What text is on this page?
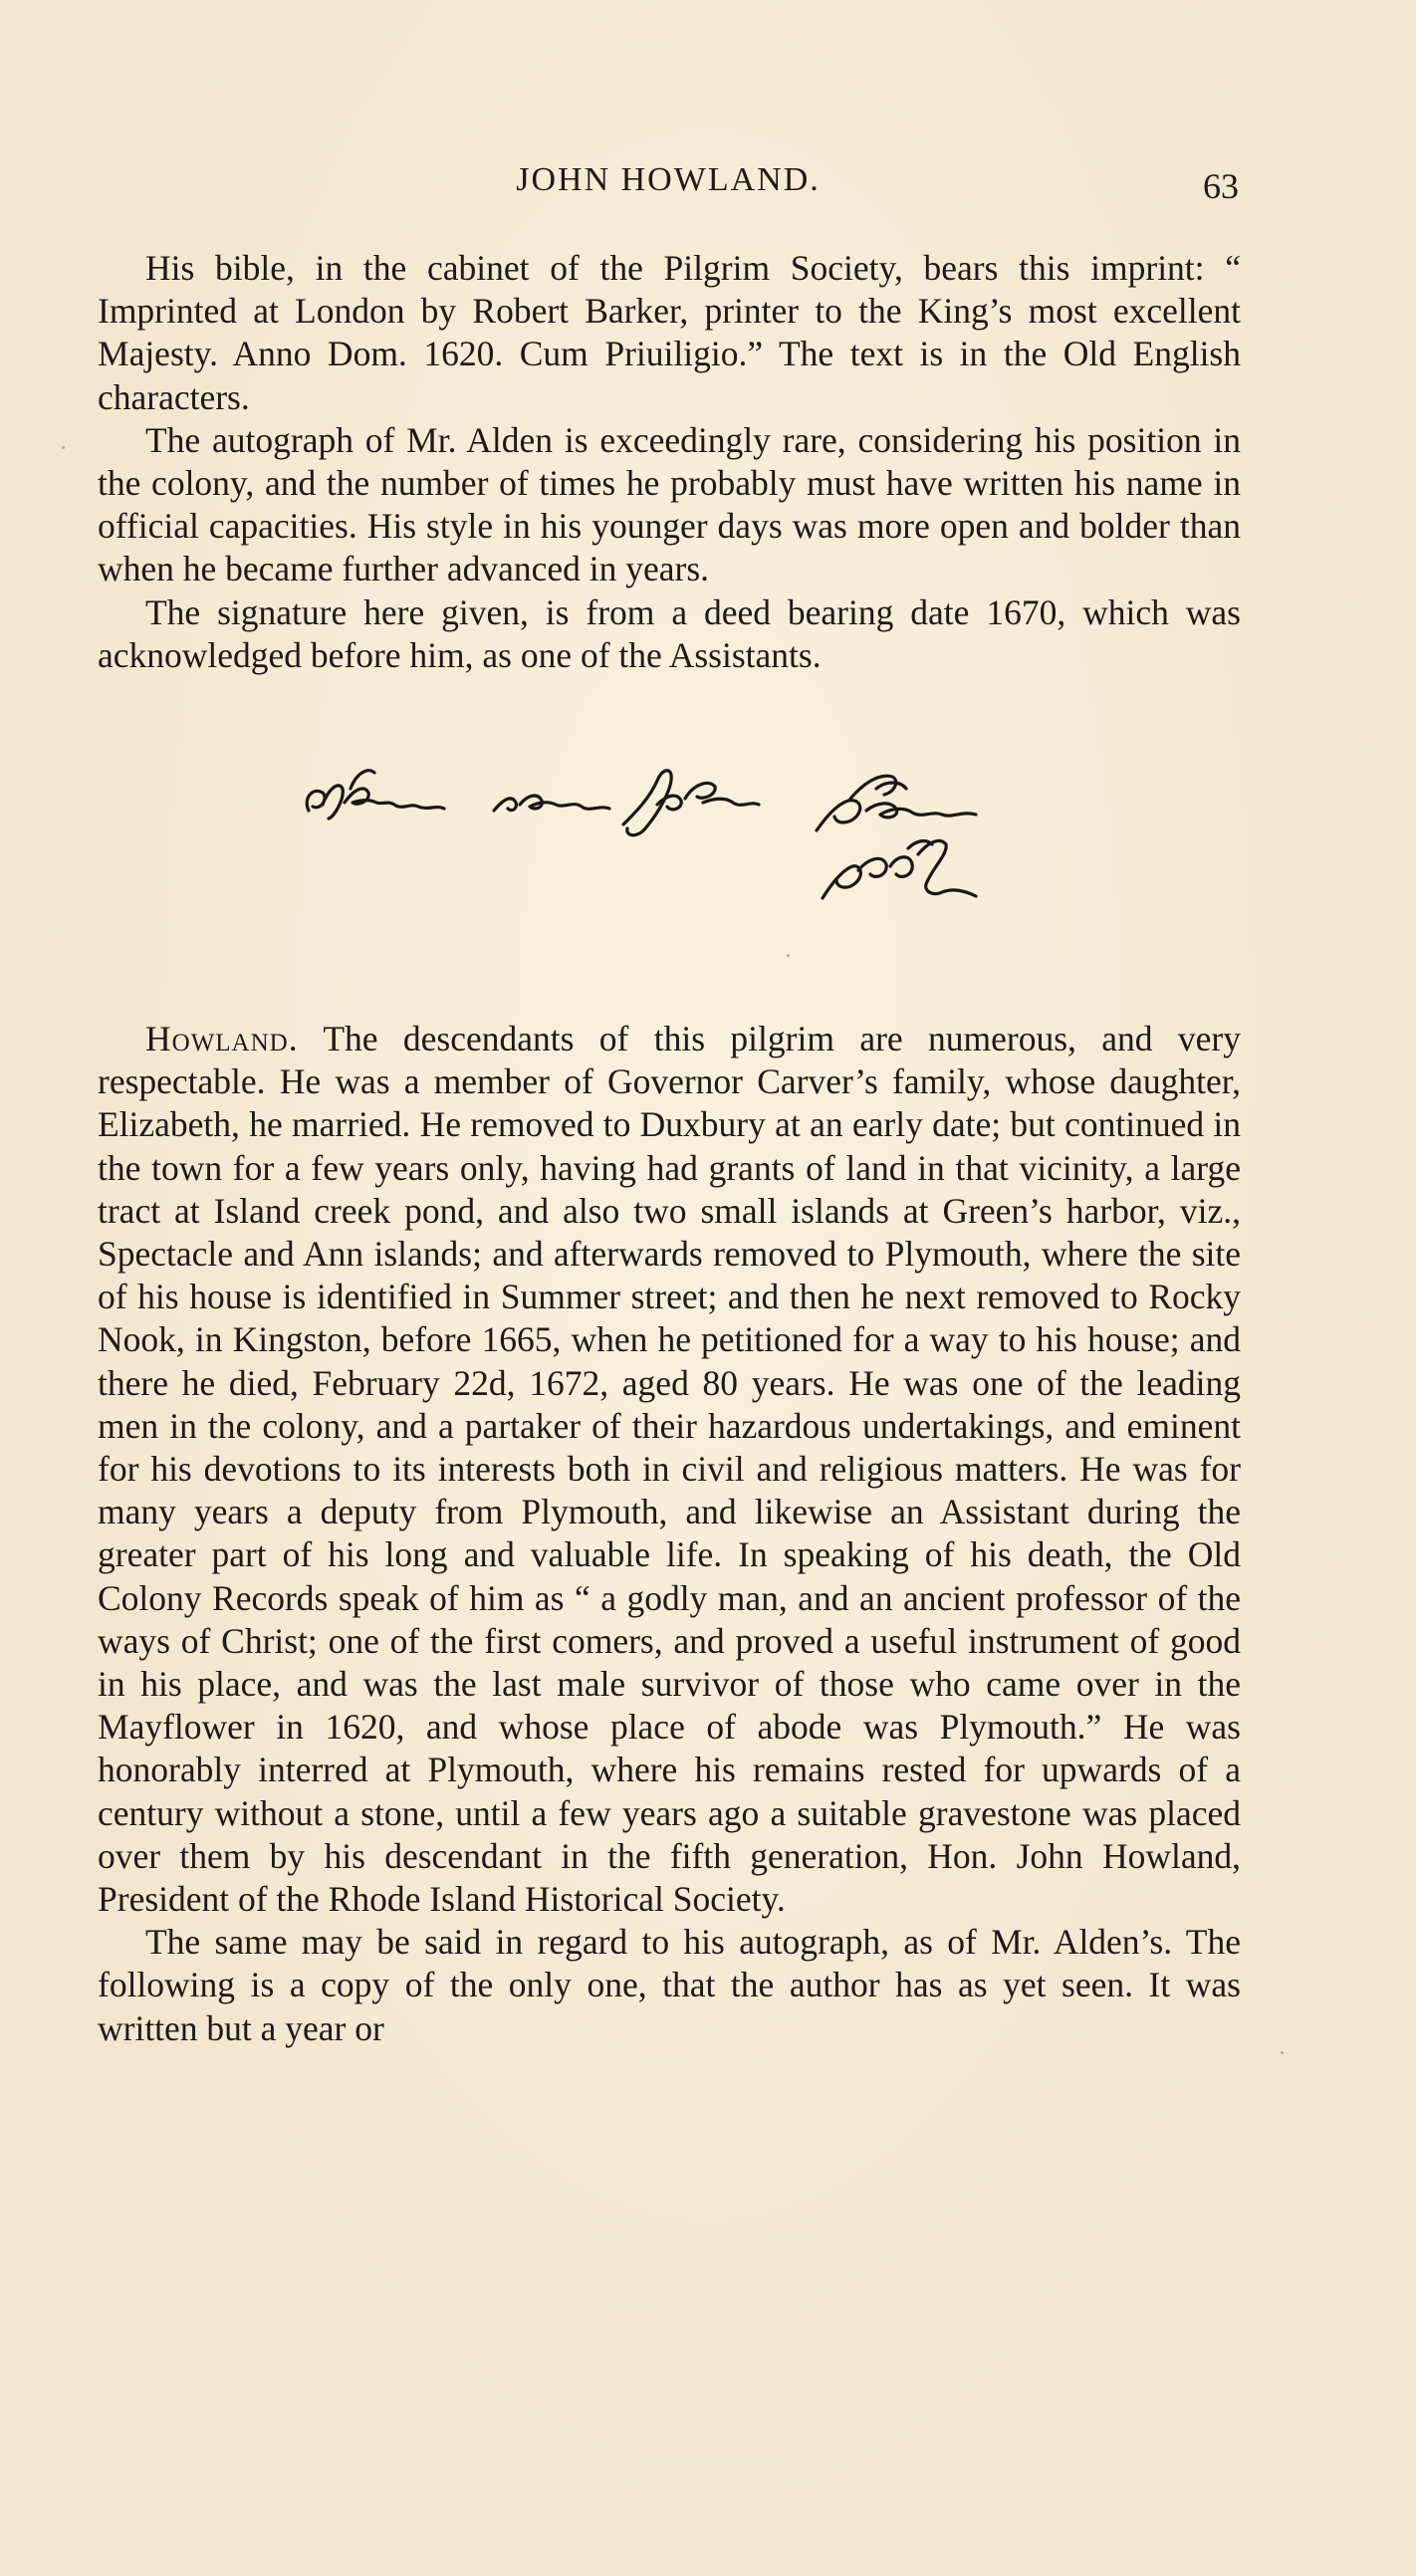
JOHN HOWLAND.	63

His bible, in the cabinet of the Pilgrim Society, bears this imprint: “ Imprinted at London by Robert Barker, printer to the King’s most excellent Majesty. Anno Dom. 1620. Cum Priuiligio.” The text is in the Old English characters.

The autograph of Mr. Alden is exceedingly rare, considering his position in the colony, and the number of times he probably must have written his name in official capacities. His style in his younger days was more open and bolder than when he became further advanced in years.

The signature here given, is from a deed bearing date 1670, which was acknowledged before him, as one of the Assistants.

Howland. The descendants of this pilgrim are numerous, and very respectable. He was a member of Governor Carver’s family, whose daughter, Elizabeth, he married. He removed to Duxbury at an early date; but continued in the town for a few years only, having had grants of land in that vicinity, a large tract at Island creek pond, and also two small islands at Green’s harbor, viz., Spectacle and Ann islands; and afterwards removed to Plymouth, where the site of his house is identified in Summer street; and then he next removed to Rocky Nook, in Kingston, before 1665, when he petitioned for a way to his house; and there he died, February 22d, 1672, aged 80 years. He was one of the leading men in the colony, and a partaker of their hazardous undertakings, and eminent for his devotions to its interests both in civil and religious matters. He was for many years a deputy from Plymouth, and likewise an Assistant during the greater part of his long and valuable life. In speaking of his death, the Old Colony Records speak of him as “ a godly man, and an ancient professor of the ways of Christ; one of the first comers, and proved a useful instrument of good in his place, and was the last male survivor of those who came over in the Mayflower in 1620, and whose place of abode was Plymouth.” He was honorably interred at Plymouth, where his remains rested for upwards of a century without a stone, until a few years ago a suitable gravestone was placed over them by his descendant in the fifth generation, Hon. John Howland, President of the Rhode Island Historical Society.

The same may be said in regard to his autograph, as of Mr. Alden’s. The following is a copy of the only one, that the author has as yet seen. It was written but a year or
